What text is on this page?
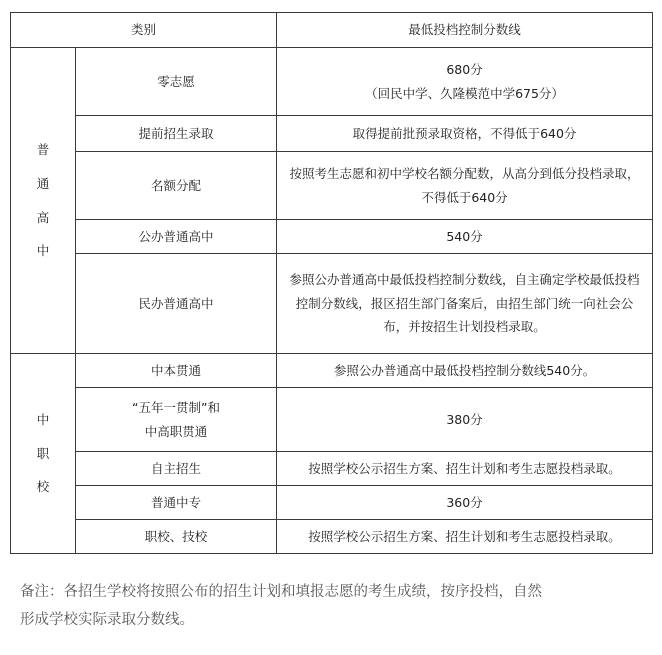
类别		最低投档控制分数线

普
通
高
中	零志愿	680分
（回民中学、久隆模范中学675分）

	提前招生录取	取得提前批预录取资格，不得低于640分

	名额分配	按照考生志愿和初中学校名额分配数，从高分到低分投档录取，
不得低于640分

	公办普通高中	540分

	民办普通高中	参照公办普通高中最低投档控制分数线，自主确定学校最低投档
控制分数线，报区招生部门备案后，由招生部门统一向社会公
布，并按招生计划投档录取。

中
职
校	中本贯通	参照公办普通高中最低投档控制分数线540分。

	“五年一贯制”和
中高职贯通	380分

	自主招生	按照学校公示招生方案、招生计划和考生志愿投档录取。

	普通中专	360分

	职校、技校	按照学校公示招生方案、招生计划和考生志愿投档录取。
备注：各招生学校将按照公布的招生计划和填报志愿的考生成绩，按序投档，自然
形成学校实际录取分数线。
